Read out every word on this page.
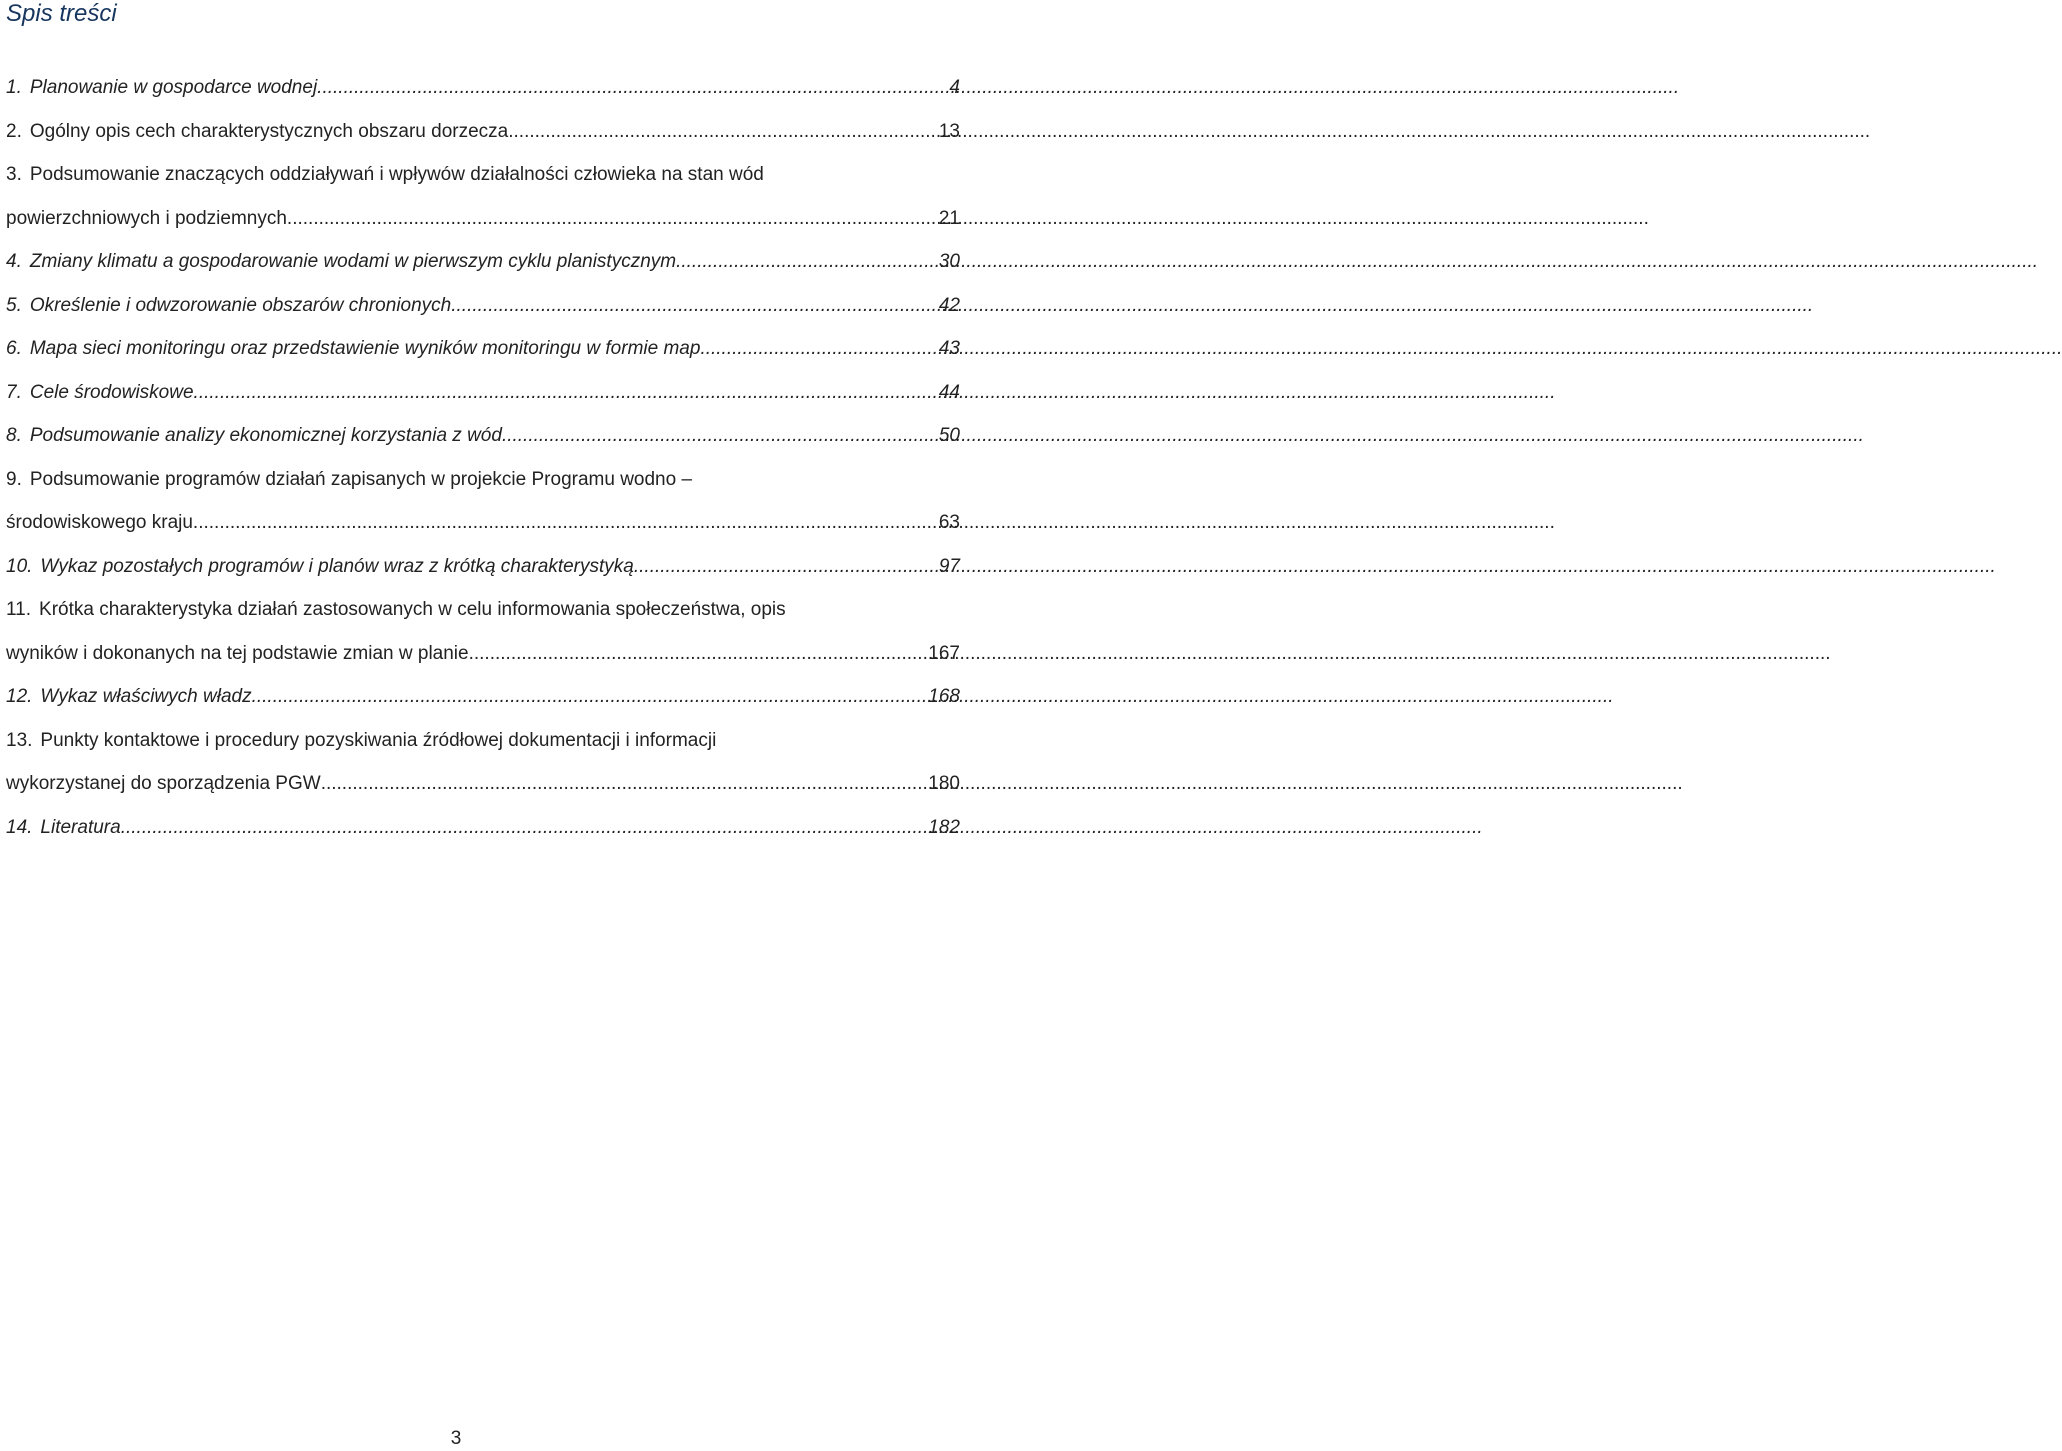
Spis treści
1. Planowanie w gospodarce wodnej .....	4
2. Ogólny opis cech charakterystycznych obszaru dorzecza .....	13
3. Podsumowanie znaczących oddziaływań i wpływów działalności człowieka na stan wód
powierzchniowych i podziemnych .....	21
4. Zmiany klimatu a gospodarowanie wodami w pierwszym cyklu planistycznym .....	30
5. Określenie i odwzorowanie obszarów chronionych .....	42
6. Mapa sieci monitoringu oraz przedstawienie wyników monitoringu w formie map .....	43
7. Cele środowiskowe .....	44
8. Podsumowanie analizy ekonomicznej korzystania z wód .....	50
9. Podsumowanie programów działań zapisanych w projekcie Programu wodno –
środowiskowego kraju .....	63
10. Wykaz pozostałych programów i planów wraz z krótką charakterystyką .....	97
11. Krótka charakterystyka działań zastosowanych w celu informowania społeczeństwa, opis
wyników i dokonanych na tej podstawie zmian w planie .....	167
12. Wykaz właściwych władz .....	168
13. Punkty kontaktowe i procedury pozyskiwania źródłowej dokumentacji i informacji
wykorzystanej do sporządzenia PGW .....	180
14. Literatura .....	182
3
